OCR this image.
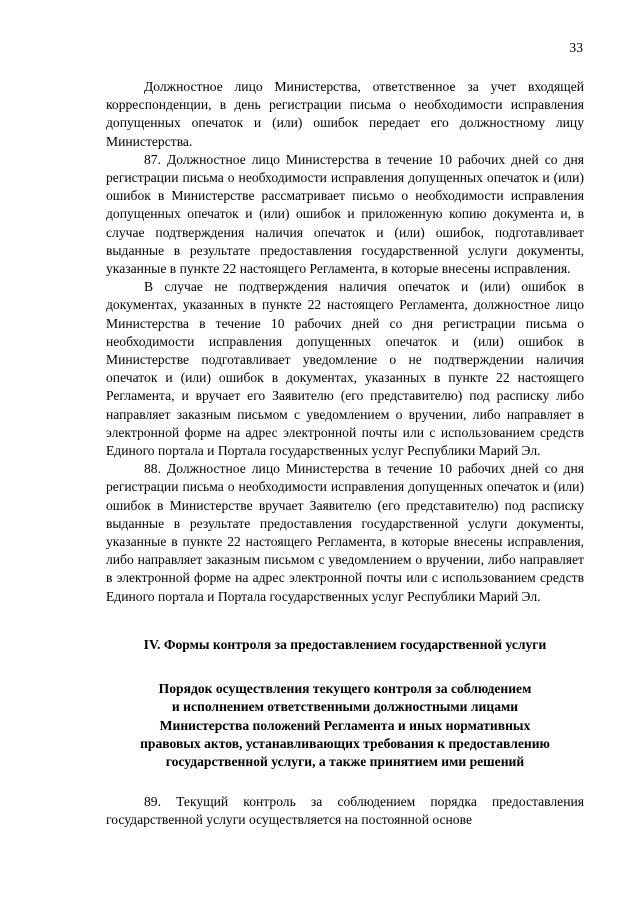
33

Должностное лицо Министерства, ответственное за учет входящей корреспонденции, в день регистрации письма о необходимости исправления допущенных опечаток и (или) ошибок передает его должностному лицу Министерства.

87. Должностное лицо Министерства в течение 10 рабочих дней со дня регистрации письма о необходимости исправления допущенных опечаток и (или) ошибок в Министерстве рассматривает письмо о необходимости исправления допущенных опечаток и (или) ошибок и приложенную копию документа и, в случае подтверждения наличия опечаток и (или) ошибок, подготавливает выданные в результате предоставления государственной услуги документы, указанные в пункте 22 настоящего Регламента, в которые внесены исправления.

В случае не подтверждения наличия опечаток и (или) ошибок в документах, указанных в пункте 22 настоящего Регламента, должностное лицо Министерства в течение 10 рабочих дней со дня регистрации письма о необходимости исправления допущенных опечаток и (или) ошибок в Министерстве подготавливает уведомление о не подтверждении наличия опечаток и (или) ошибок в документах, указанных в пункте 22 настоящего Регламента, и вручает его Заявителю (его представителю) под расписку либо направляет заказным письмом с уведомлением о вручении, либо направляет в электронной форме на адрес электронной почты или с использованием средств Единого портала и Портала государственных услуг Республики Марий Эл.

88. Должностное лицо Министерства в течение 10 рабочих дней со дня регистрации письма о необходимости исправления допущенных опечаток и (или) ошибок в Министерстве вручает Заявителю (его представителю) под расписку выданные в результате предоставления государственной услуги документы, указанные в пункте 22 настоящего Регламента, в которые внесены исправления, либо направляет заказным письмом с уведомлением о вручении, либо направляет в электронной форме на адрес электронной почты или с использованием средств Единого портала и Портала государственных услуг Республики Марий Эл.

IV. Формы контроля за предоставлением государственной услуги

Порядок осуществления текущего контроля за соблюдением
и исполнением ответственными должностными лицами
Министерства положений Регламента и иных нормативных
правовых актов, устанавливающих требования к предоставлению
государственной услуги, а также принятием ими решений

89. Текущий контроль за соблюдением порядка предоставления государственной услуги осуществляется на постоянной основе
